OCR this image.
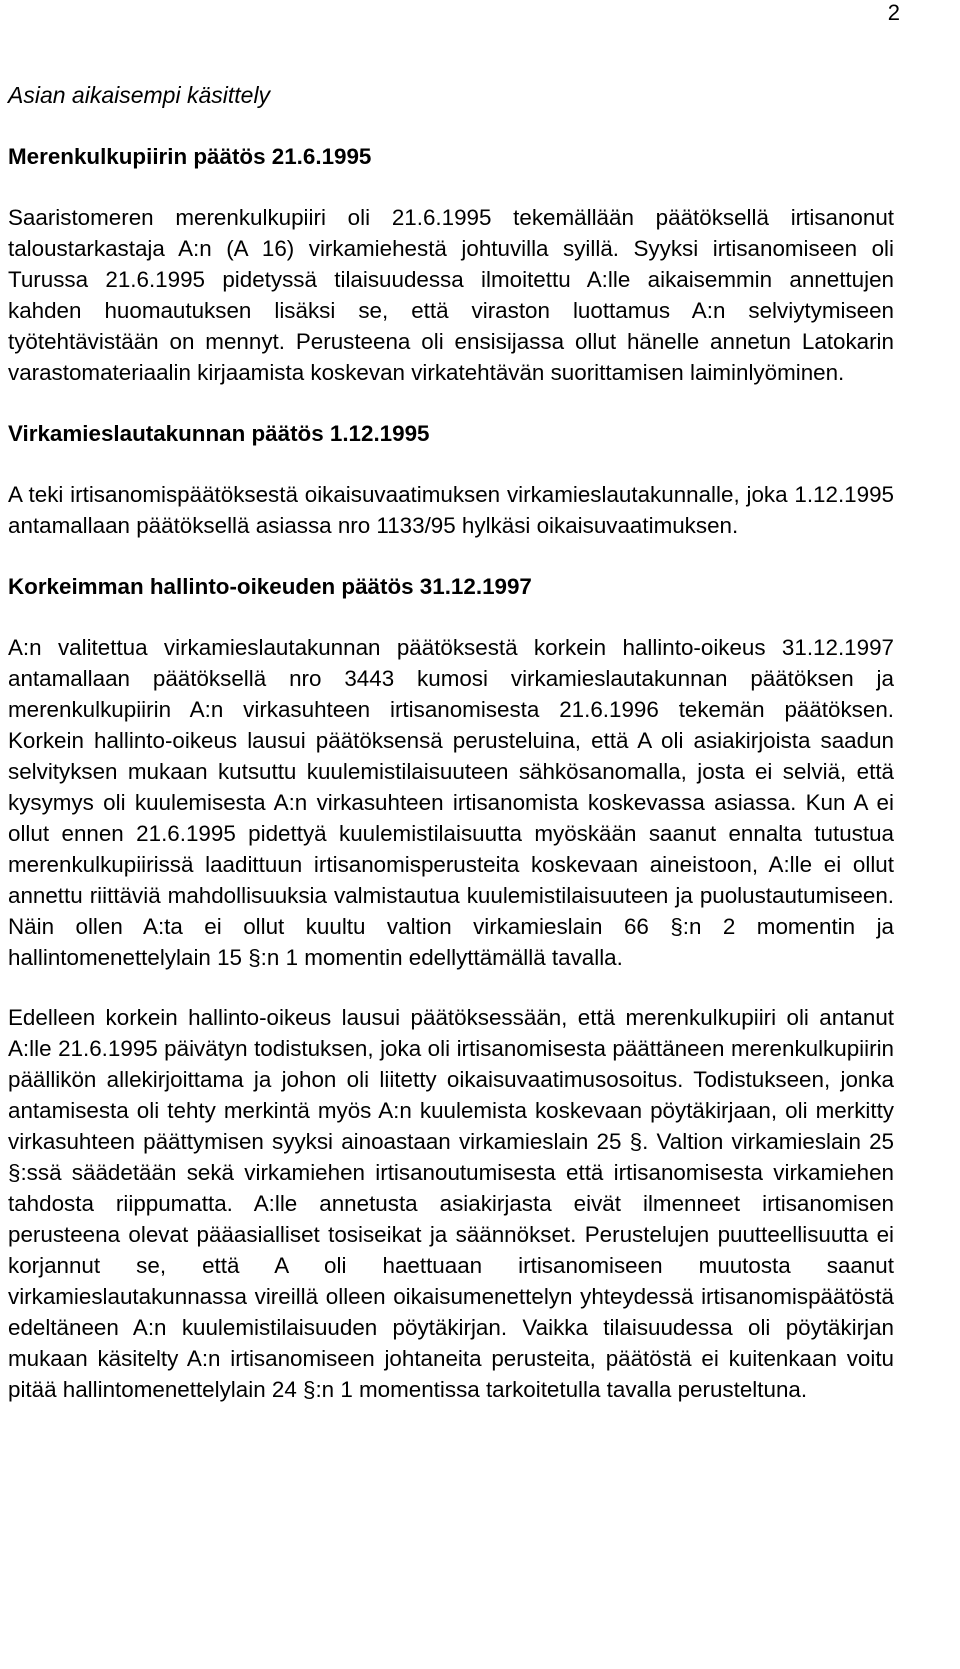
2
Asian aikaisempi käsittely
Merenkulkupiirin päätös 21.6.1995
Saaristomeren merenkulkupiiri oli 21.6.1995 tekemällään päätöksellä irtisanonut taloustarkastaja A:n (A 16) virkamiehestä johtuvilla syillä. Syyksi irtisanomiseen oli Turussa 21.6.1995 pidetyssä tilaisuudessa ilmoitettu A:lle aikaisemmin annettujen kahden huomautuksen lisäksi se, että viraston luottamus A:n selviytymiseen työtehtävistään on mennyt. Perusteena oli ensisijassa ollut hänelle annetun Latokarin varastomateriaalin kirjaamista koskevan virkatehtävän suorittamisen laiminlyöminen.
Virkamieslautakunnan päätös 1.12.1995
A teki irtisanomispäätöksestä oikaisuvaatimuksen virkamieslautakunnalle, joka 1.12.1995 antamallaan päätöksellä asiassa nro 1133/95 hylkäsi oikaisuvaatimuksen.
Korkeimman hallinto-oikeuden päätös 31.12.1997
A:n valitettua virkamieslautakunnan päätöksestä korkein hallinto-oikeus 31.12.1997 antamallaan päätöksellä nro 3443 kumosi virkamieslautakunnan päätöksen ja merenkulkupiirin A:n virkasuhteen irtisanomisesta 21.6.1996 tekemän päätöksen. Korkein hallinto-oikeus lausui päätöksensä perusteluina, että A oli asiakirjoista saadun selvityksen mukaan kutsuttu kuulemistilaisuuteen sähkösanomalla, josta ei selviä, että kysymys oli kuulemisesta A:n virkasuhteen irtisanomista koskevassa asiassa. Kun A ei ollut ennen 21.6.1995 pidettyä kuulemistilaisuutta myöskään saanut ennalta tutustua merenkulkupiirissä laadittuun irtisanomisperusteita koskevaan aineistoon, A:lle ei ollut annettu riittäviä mahdollisuuksia valmistautua kuulemistilaisuuteen ja puolustautumiseen. Näin ollen A:ta ei ollut kuultu valtion virkamieslain 66 §:n 2 momentin ja hallintomenettelylain 15 §:n 1 momentin edellyttämällä tavalla.
Edelleen korkein hallinto-oikeus lausui päätöksessään, että merenkulkupiiri oli antanut A:lle 21.6.1995 päivätyn todistuksen, joka oli irtisanomisesta päättäneen merenkulkupiirin päällikön allekirjoittama ja johon oli liitetty oikaisuvaatimusosoitus. Todistukseen, jonka antamisesta oli tehty merkintä myös A:n kuulemista koskevaan pöytäkirjaan, oli merkitty virkasuhteen päättymisen syyksi ainoastaan virkamieslain 25 §. Valtion virkamieslain 25 §:ssä säädetään sekä virkamiehen irtisanoutumisesta että irtisanomisesta virkamiehen tahdosta riippumatta. A:lle annetusta asiakirjasta eivät ilmenneet irtisanomisen perusteena olevat pääasialliset tosiseikat ja säännökset. Perustelujen puutteellisuutta ei korjannut se, että A oli haettuaan irtisanomiseen muutosta saanut virkamieslautakunnassa vireillä olleen oikaisumenettelyn yhteydessä irtisanomispäätöstä edeltäneen A:n kuulemistilaisuuden pöytäkirjan. Vaikka tilaisuudessa oli pöytäkirjan mukaan käsitelty A:n irtisanomiseen johtaneita perusteita, päätöstä ei kuitenkaan voitu pitää hallintomenettelylain 24 §:n 1 momentissa tarkoitetulla tavalla perusteltuna.
